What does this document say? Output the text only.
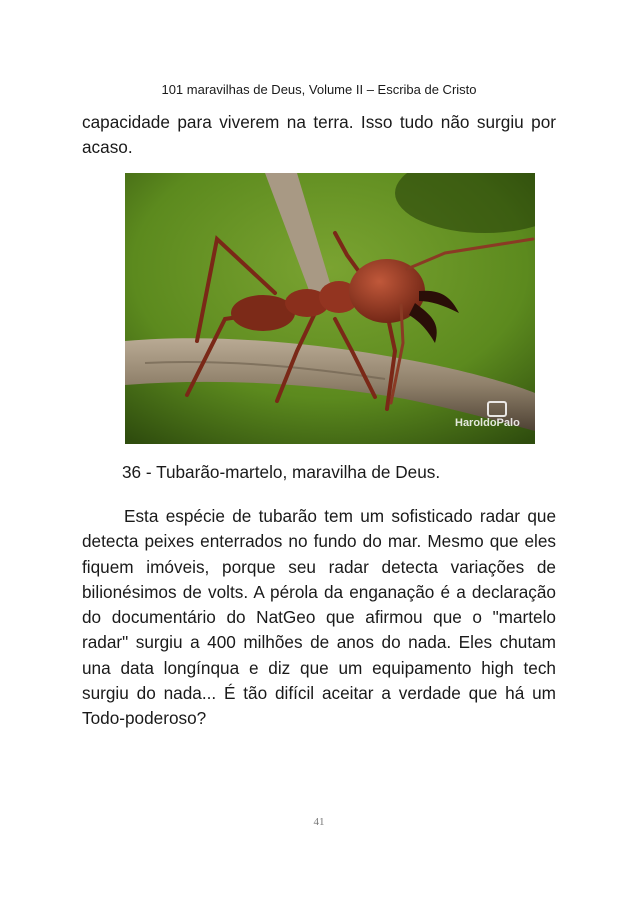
101 maravilhas de Deus, Volume II – Escriba de Cristo

capacidade para viverem na terra. Isso tudo não surgiu por acaso.

HaroldoPalo
36 - Tubarão-martelo, maravilha de Deus.

Esta espécie de tubarão tem um sofisticado radar que detecta peixes enterrados no fundo do mar. Mesmo que eles fiquem imóveis, porque seu radar detecta variações de bilionésimos de volts. A pérola da enganação é a declaração do documentário do NatGeo que afirmou que o "martelo radar" surgiu a 400 milhões de anos do nada. Eles chutam una data longínqua e diz que um equipamento high tech surgiu do nada... É tão difícil aceitar a verdade que há um Todo-poderoso?

41
